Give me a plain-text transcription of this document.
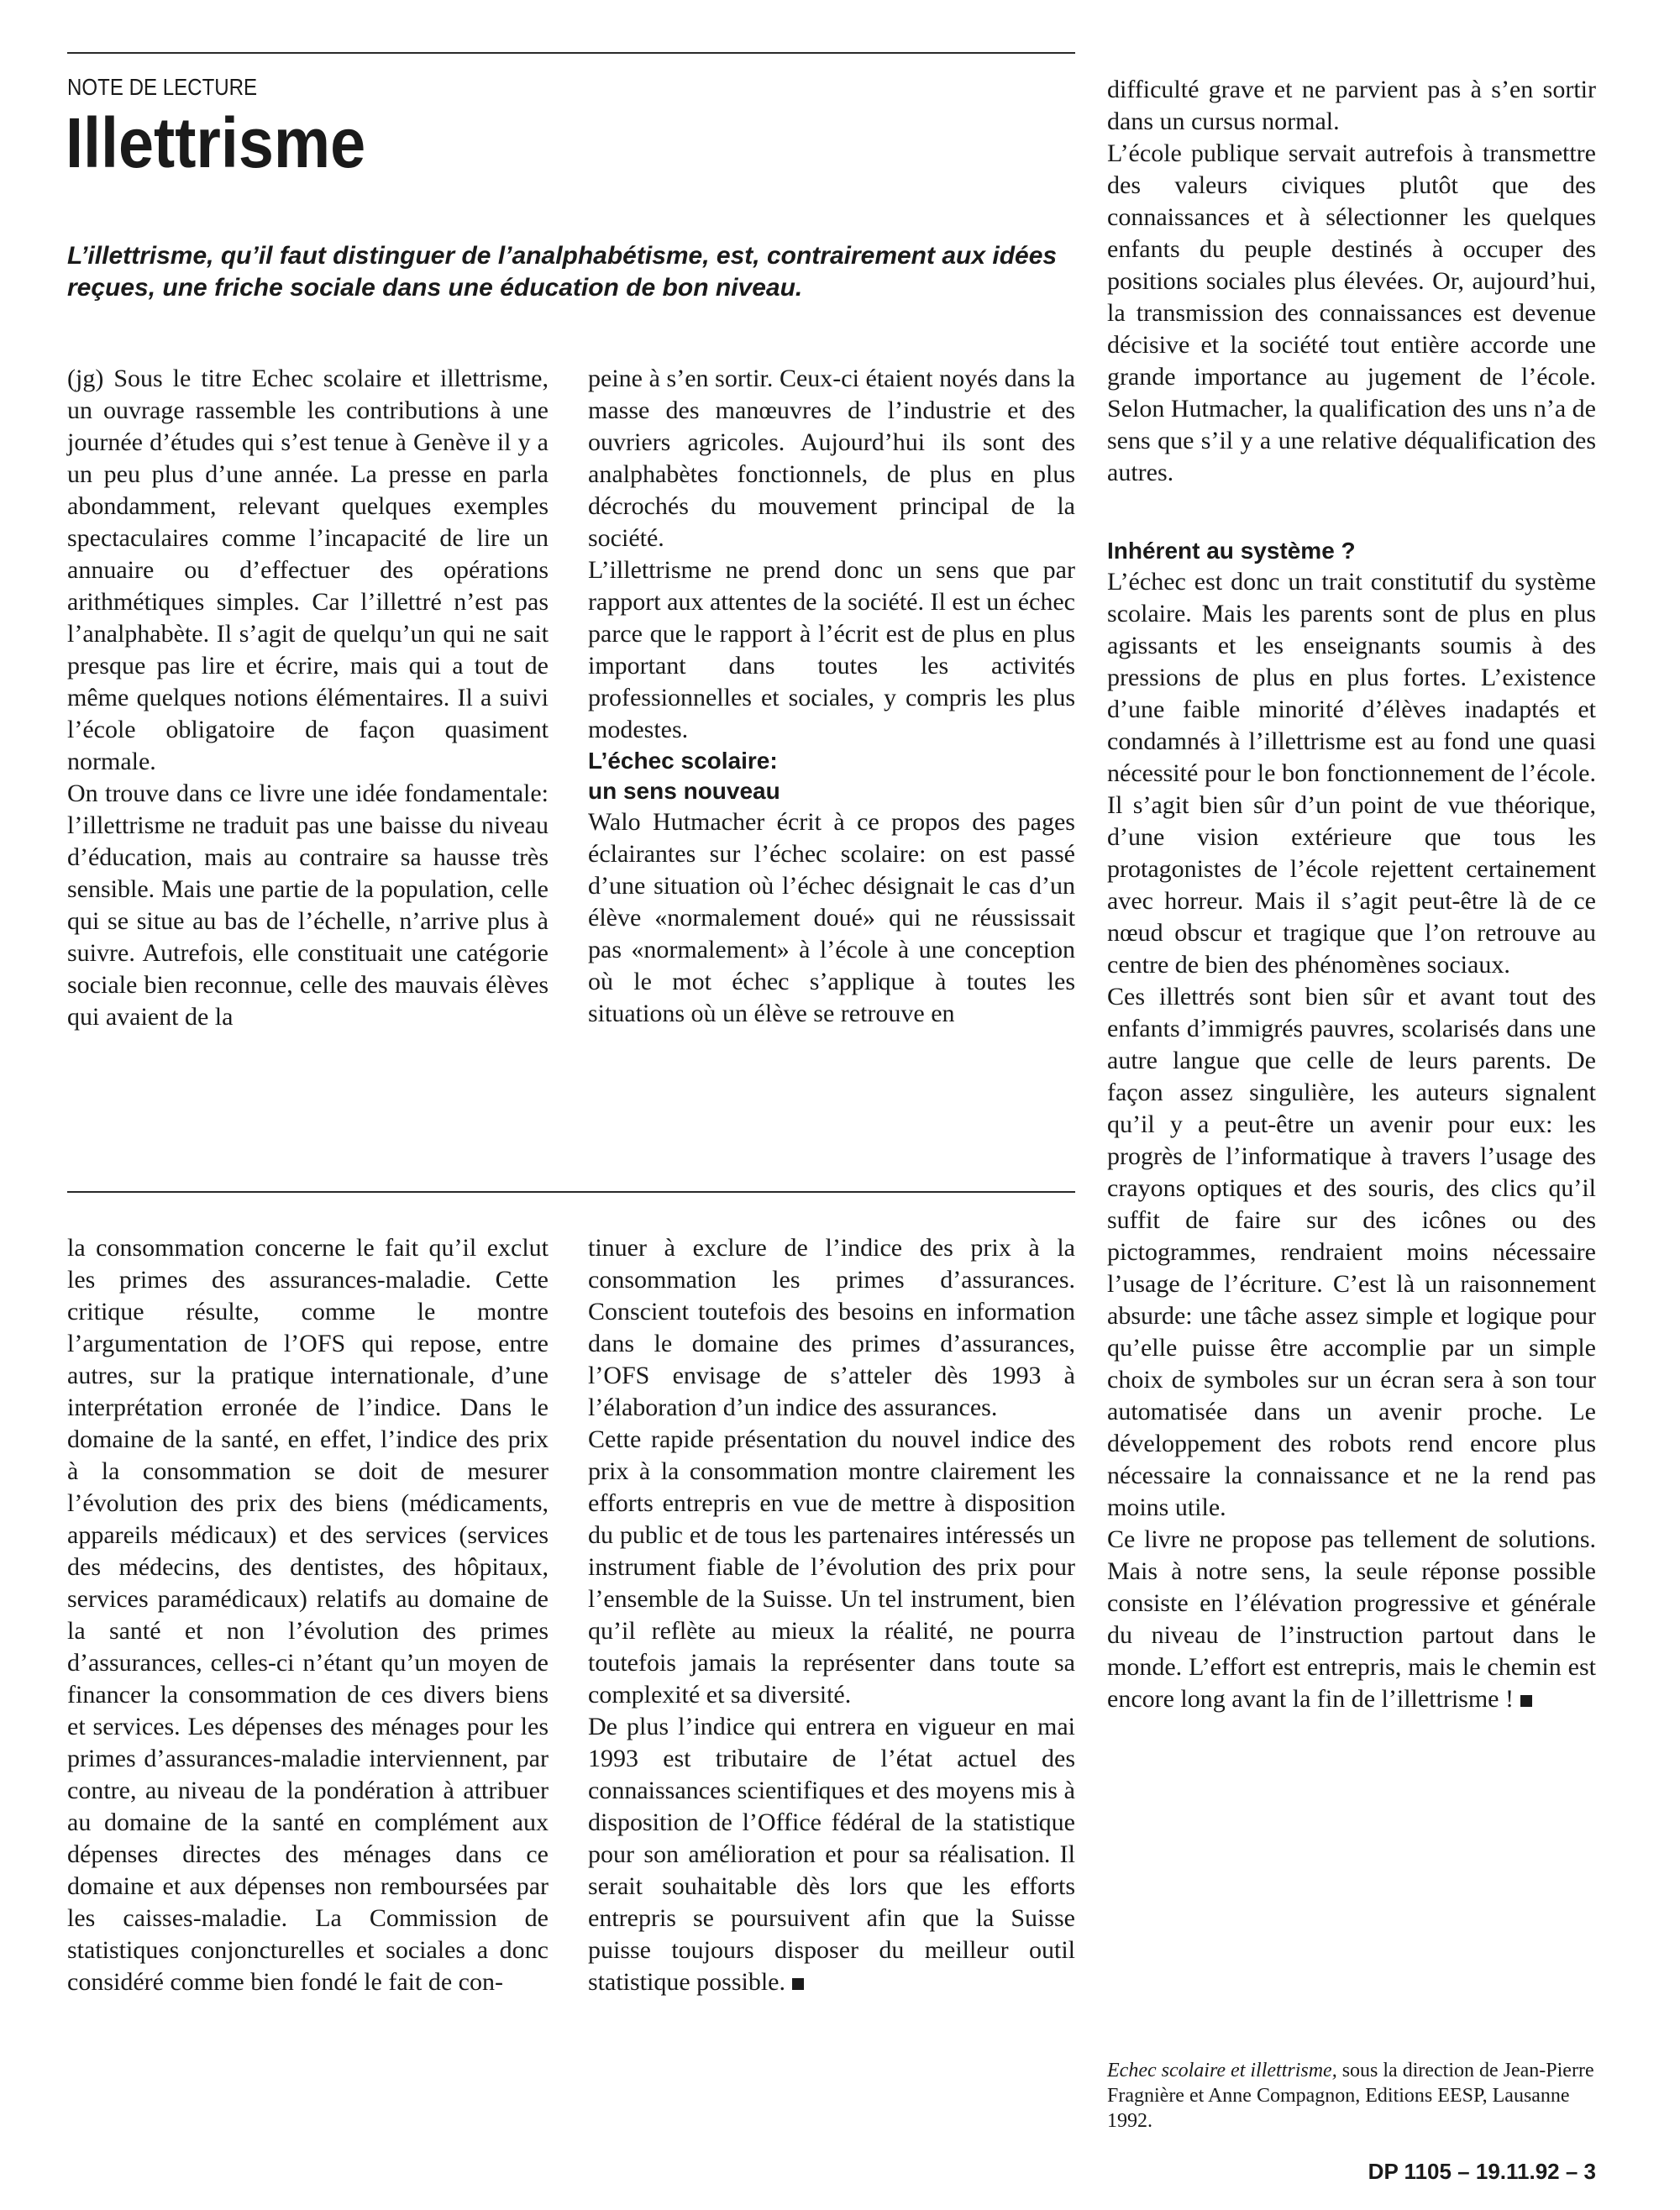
NOTE DE LECTURE
Illettrisme
L’illettrisme, qu’il faut distinguer de l’analphabétisme, est, contrairement aux idées reçues, une friche sociale dans une éducation de bon niveau.

(jg) Sous le titre Echec scolaire et illettrisme, un ouvrage rassemble les contributions à une journée d’études qui s’est tenue à Genève il y a un peu plus d’une année. La presse en parla abondamment, relevant quelques exemples spectaculaires comme l’incapacité de lire un annuaire ou d’effectuer des opérations arithmétiques simples. Car l’illettré n’est pas l’analphabète. Il s’agit de quelqu’un qui ne sait presque pas lire et écrire, mais qui a tout de même quelques notions élémentaires. Il a suivi l’école obligatoire de façon quasiment normale.

On trouve dans ce livre une idée fondamentale: l’illettrisme ne traduit pas une baisse du niveau d’éducation, mais au contraire sa hausse très sensible. Mais une partie de la population, celle qui se situe au bas de l’échelle, n’arrive plus à suivre. Autrefois, elle constituait une catégorie sociale bien reconnue, celle des mauvais élèves qui avaient de la

peine à s’en sortir. Ceux-ci étaient noyés dans la masse des manœuvres de l’industrie et des ouvriers agricoles. Aujourd’hui ils sont des analphabètes fonctionnels, de plus en plus décrochés du mouvement principal de la société.

L’illettrisme ne prend donc un sens que par rapport aux attentes de la société. Il est un échec parce que le rapport à l’écrit est de plus en plus important dans toutes les activités professionnelles et sociales, y compris les plus modestes.

L’échec scolaire:
un sens nouveau

Walo Hutmacher écrit à ce propos des pages éclairantes sur l’échec scolaire: on est passé d’une situation où l’échec désignait le cas d’un élève «normalement doué» qui ne réussissait pas «normalement» à l’école à une conception où le mot échec s’applique à toutes les situations où un élève se retrouve en

difficulté grave et ne parvient pas à s’en sortir dans un cursus normal.

L’école publique servait autrefois à transmettre des valeurs civiques plutôt que des connaissances et à sélectionner les quelques enfants du peuple destinés à occuper des positions sociales plus élevées. Or, aujourd’hui, la transmission des connaissances est devenue décisive et la société tout entière accorde une grande importance au jugement de l’école. Selon Hutmacher, la qualification des uns n’a de sens que s’il y a une relative déqualification des autres.

Inhérent au système ?

L’échec est donc un trait constitutif du système scolaire. Mais les parents sont de plus en plus agissants et les enseignants soumis à des pressions de plus en plus fortes. L’existence d’une faible minorité d’élèves inadaptés et condamnés à l’illettrisme est au fond une quasi nécessité pour le bon fonctionnement de l’école. Il s’agit bien sûr d’un point de vue théorique, d’une vision extérieure que tous les protagonistes de l’école rejettent certainement avec horreur. Mais il s’agit peut-être là de ce nœud obscur et tragique que l’on retrouve au centre de bien des phénomènes sociaux.

Ces illettrés sont bien sûr et avant tout des enfants d’immigrés pauvres, scolarisés dans une autre langue que celle de leurs parents. De façon assez singulière, les auteurs signalent qu’il y a peut-être un avenir pour eux: les progrès de l’informatique à travers l’usage des crayons optiques et des souris, des clics qu’il suffit de faire sur des icônes ou des pictogrammes, rendraient moins nécessaire l’usage de l’écriture. C’est là un raisonnement absurde: une tâche assez simple et logique pour qu’elle puisse être accomplie par un simple choix de symboles sur un écran sera à son tour automatisée dans un avenir proche. Le développement des robots rend encore plus nécessaire la connaissance et ne la rend pas moins utile.

Ce livre ne propose pas tellement de solutions. Mais à notre sens, la seule réponse possible consiste en l’élévation progressive et générale du niveau de l’instruction partout dans le monde. L’effort est entrepris, mais le chemin est encore long avant la fin de l’illettrisme !

Echec scolaire et illettrisme, sous la direction de Jean-Pierre Fragnière et Anne Compagnon, Editions EESP, Lausanne 1992.

la consommation concerne le fait qu’il exclut les primes des assurances-maladie. Cette critique résulte, comme le montre l’argumentation de l’OFS qui repose, entre autres, sur la pratique internationale, d’une interprétation erronée de l’indice. Dans le domaine de la santé, en effet, l’indice des prix à la consommation se doit de mesurer l’évolution des prix des biens (médicaments, appareils médicaux) et des services (services des médecins, des dentistes, des hôpitaux, services paramédicaux) relatifs au domaine de la santé et non l’évolution des primes d’assurances, celles-ci n’étant qu’un moyen de financer la consommation de ces divers biens et services. Les dépenses des ménages pour les primes d’assurances-maladie interviennent, par contre, au niveau de la pondération à attribuer au domaine de la santé en complément aux dépenses directes des ménages dans ce domaine et aux dépenses non remboursées par les caisses-maladie. La Commission de statistiques conjoncturelles et sociales a donc considéré comme bien fondé le fait de con-

tinuer à exclure de l’indice des prix à la consommation les primes d’assurances. Conscient toutefois des besoins en information dans le domaine des primes d’assurances, l’OFS envisage de s’atteler dès 1993 à l’élaboration d’un indice des assurances.

Cette rapide présentation du nouvel indice des prix à la consommation montre clairement les efforts entrepris en vue de mettre à disposition du public et de tous les partenaires intéressés un instrument fiable de l’évolution des prix pour l’ensemble de la Suisse. Un tel instrument, bien qu’il reflète au mieux la réalité, ne pourra toutefois jamais la représenter dans toute sa complexité et sa diversité.

De plus l’indice qui entrera en vigueur en mai 1993 est tributaire de l’état actuel des connaissances scientifiques et des moyens mis à disposition de l’Office fédéral de la statistique pour son amélioration et pour sa réalisation. Il serait souhaitable dès lors que les efforts entrepris se poursuivent afin que la Suisse puisse toujours disposer du meilleur outil statistique possible.

DP 1105 – 19.11.92 – 3
